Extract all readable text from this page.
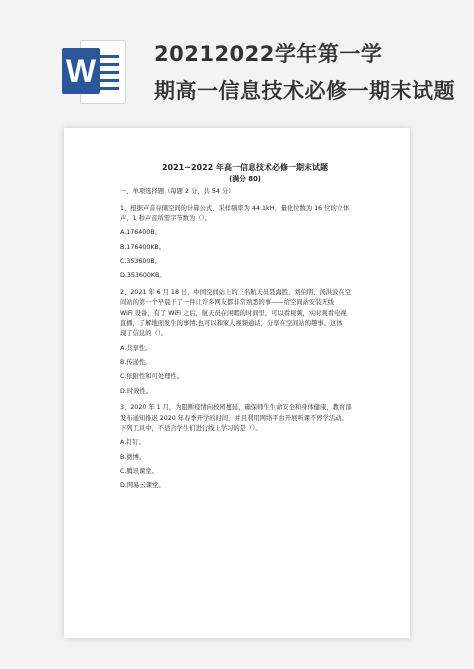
W	20212022学年第一学
期高一信息技术必修一期末试题

2021~2022 年高一信息技术必修一期末试题

(满分 80)

一、单项选择题（每题 2 分，共 54 分）

1、根据声音存储空间的计算公式，采样频率为 44.1kH，量化位数为 16 位的立体

声，1 秒声音所需字节数为（）。

A.176400B。

B.176400KB。

C.353600B。

D.353600KB。

2、2021 年 6 月 18 日，中国空间站上的三名航天员聂海胜、刘伯明、汤洪波在空

间站的第一个早晨干了一件让许多网友都非常熟悉的事——给空间站安装无线

WiFi 设备，有了 WiFi 之后，航天员在闲暇的时间里，可以看视频，实时观看电视

直播，了解地面发生的事情;也可以和家人视频通话，分享在空间站的趣事。这体

现了信息的（）。

A.共享性。

B.传递性。

C.依附性和可处理性。

D.时效性。

3、2020 年 1 月，为阻断疫情向校园蔓延，确保师生生命安全和身体健康，教育部

发布通知推迟 2020 年春季开学的时间，并且利用网络平台开展听课不停学活动。

下列工具中，不适合学生们进行线上学习的是（）。

A.钉钉。

B.微博。

C.腾讯课堂。

D.网易云课堂。
